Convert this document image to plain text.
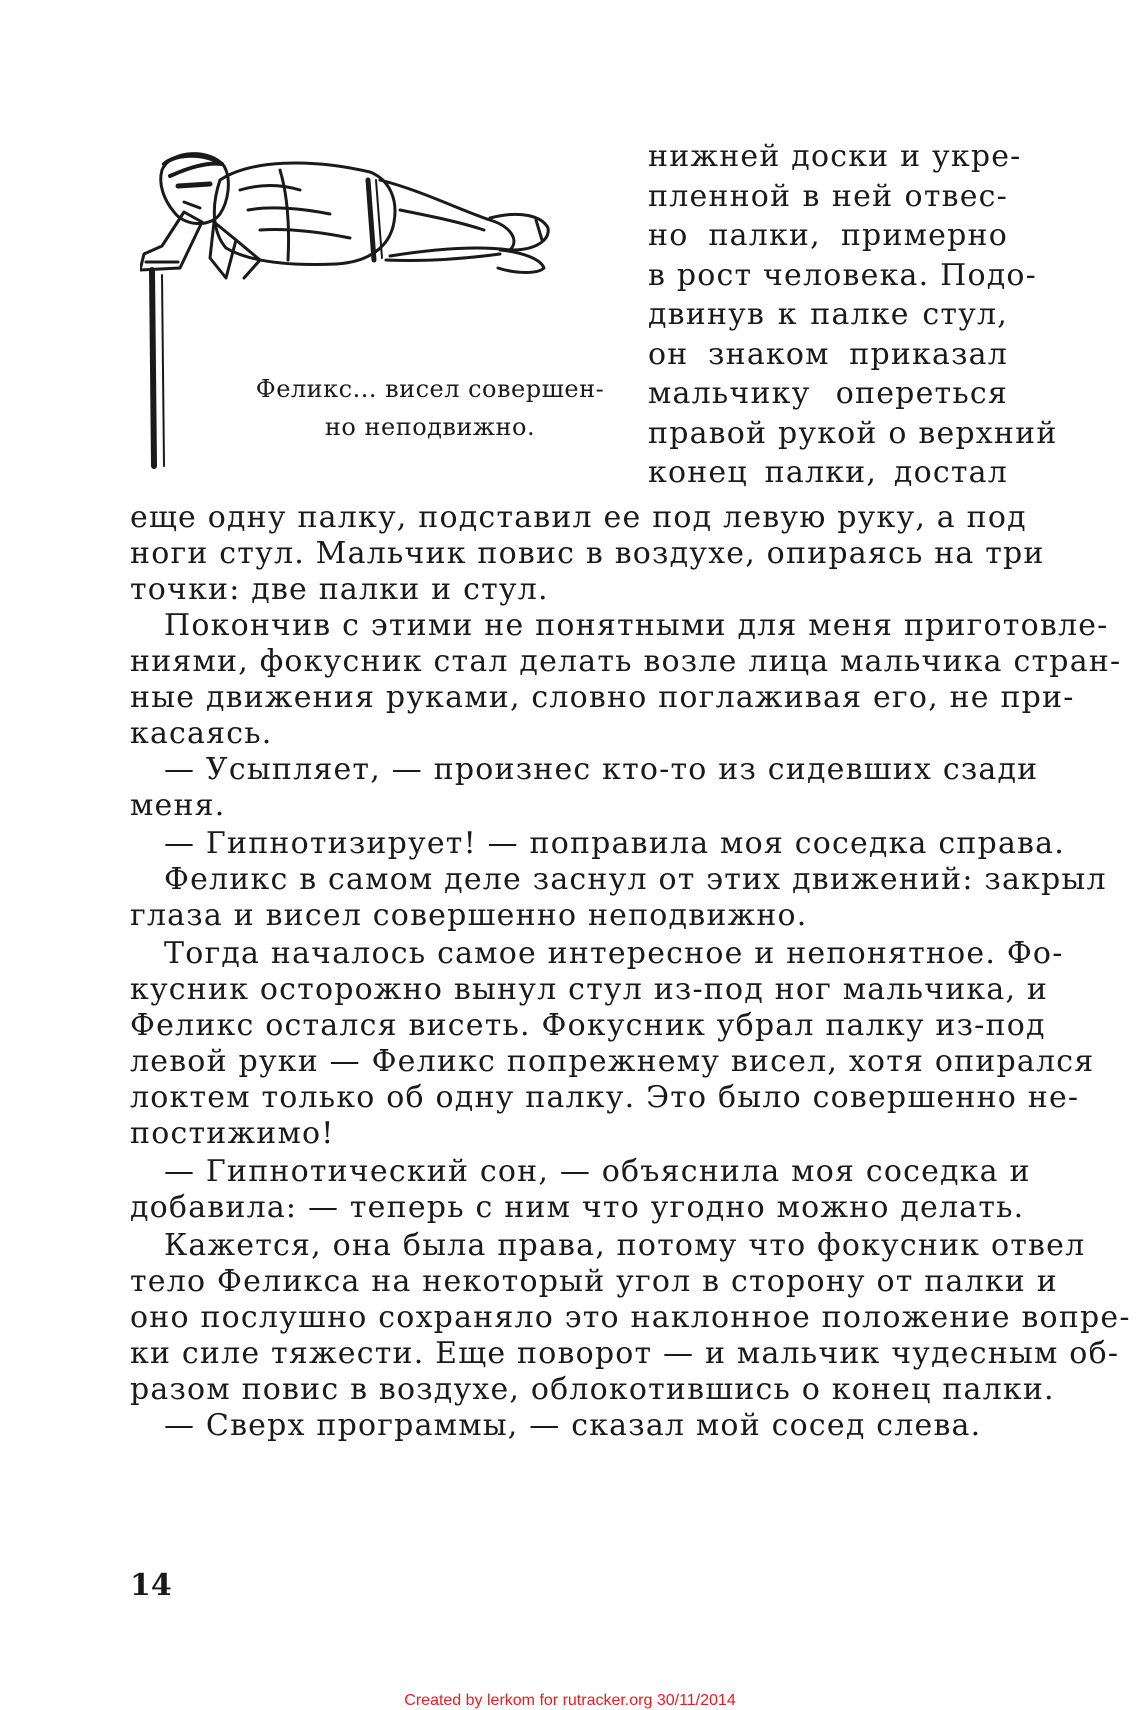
Феликс... висел совершен-
но неподвижно.
нижней доски и укре-
пленной в ней отвес-
но палки, примерно
в рост человека. Подо-
двинув к палке стул,
он знаком приказал
мальчику опереться
правой рукой о верхний
конец палки, достал
еще одну палку, подставил ее под левую руку, а под
ноги стул. Мальчик повис в воздухе, опираясь на три
точки: две палки и стул.
Покончив с этими не понятными для меня приготовле-
ниями, фокусник стал делать возле лица мальчика стран-
ные движения руками, словно поглаживая его, не при-
касаясь.
— Усыпляет, — произнес кто-то из сидевших сзади
меня.
— Гипнотизирует! — поправила моя соседка справа.
Феликс в самом деле заснул от этих движений: закрыл
глаза и висел совершенно неподвижно.
Тогда началось самое интересное и непонятное. Фо-
кусник осторожно вынул стул из-под ног мальчика, и
Феликс остался висеть. Фокусник убрал палку из-под
левой руки — Феликс попрежнему висел, хотя опирался
локтем только об одну палку. Это было совершенно не-
постижимо!
— Гипнотический сон, — объяснила моя соседка и
добавила: — теперь с ним что угодно можно делать.
Кажется, она была права, потому что фокусник отвел
тело Феликса на некоторый угол в сторону от палки и
оно послушно сохраняло это наклонное положение вопре-
ки силе тяжести. Еще поворот — и мальчик чудесным об-
разом повис в воздухе, облокотившись о конец палки.
— Сверх программы, — сказал мой сосед слева.
14
Created by lerkom for rutracker.org 30/11/2014
